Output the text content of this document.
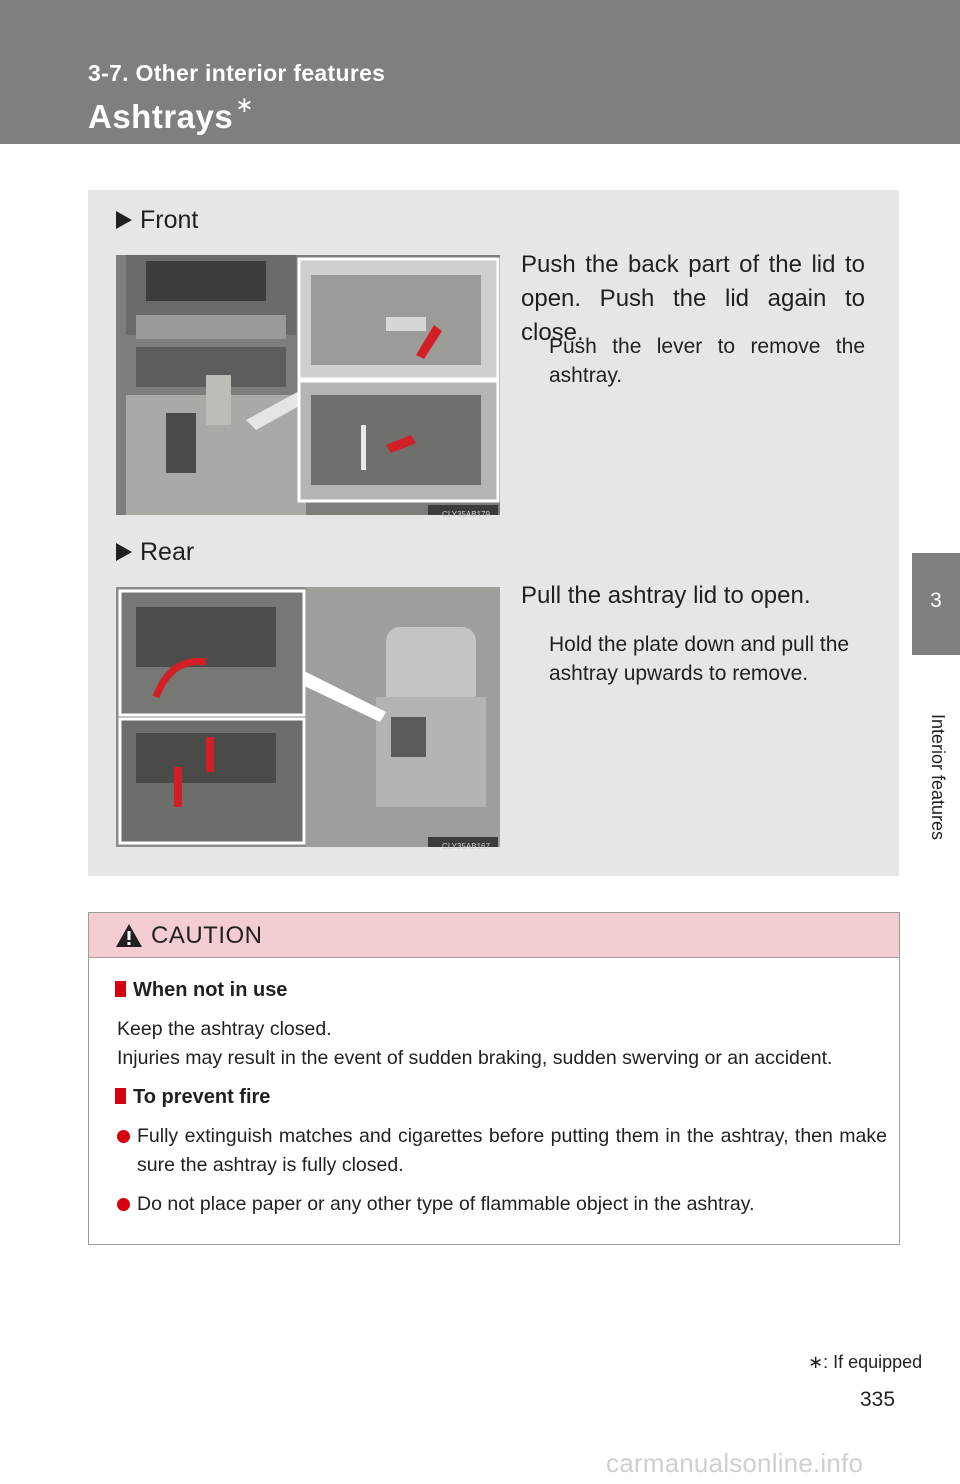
3-7. Other interior features
Ashtrays∗
3
Interior features
Front
CLY35AB179
Push the back part of the lid to open. Push the lid again to close.
Push the lever to remove the ashtray.
Rear
CLY35AB167
Pull the ashtray lid to open.
Hold the plate down and pull the ashtray upwards to remove.
CAUTION
When not in use
Keep the ashtray closed.
Injuries may result in the event of sudden braking, sudden swerving or an accident.
To prevent fire
Fully extinguish matches and cigarettes before putting them in the ashtray, then make sure the ashtray is fully closed.
Do not place paper or any other type of flammable object in the ashtray.
∗: If equipped
335
carmanualsonline.info
